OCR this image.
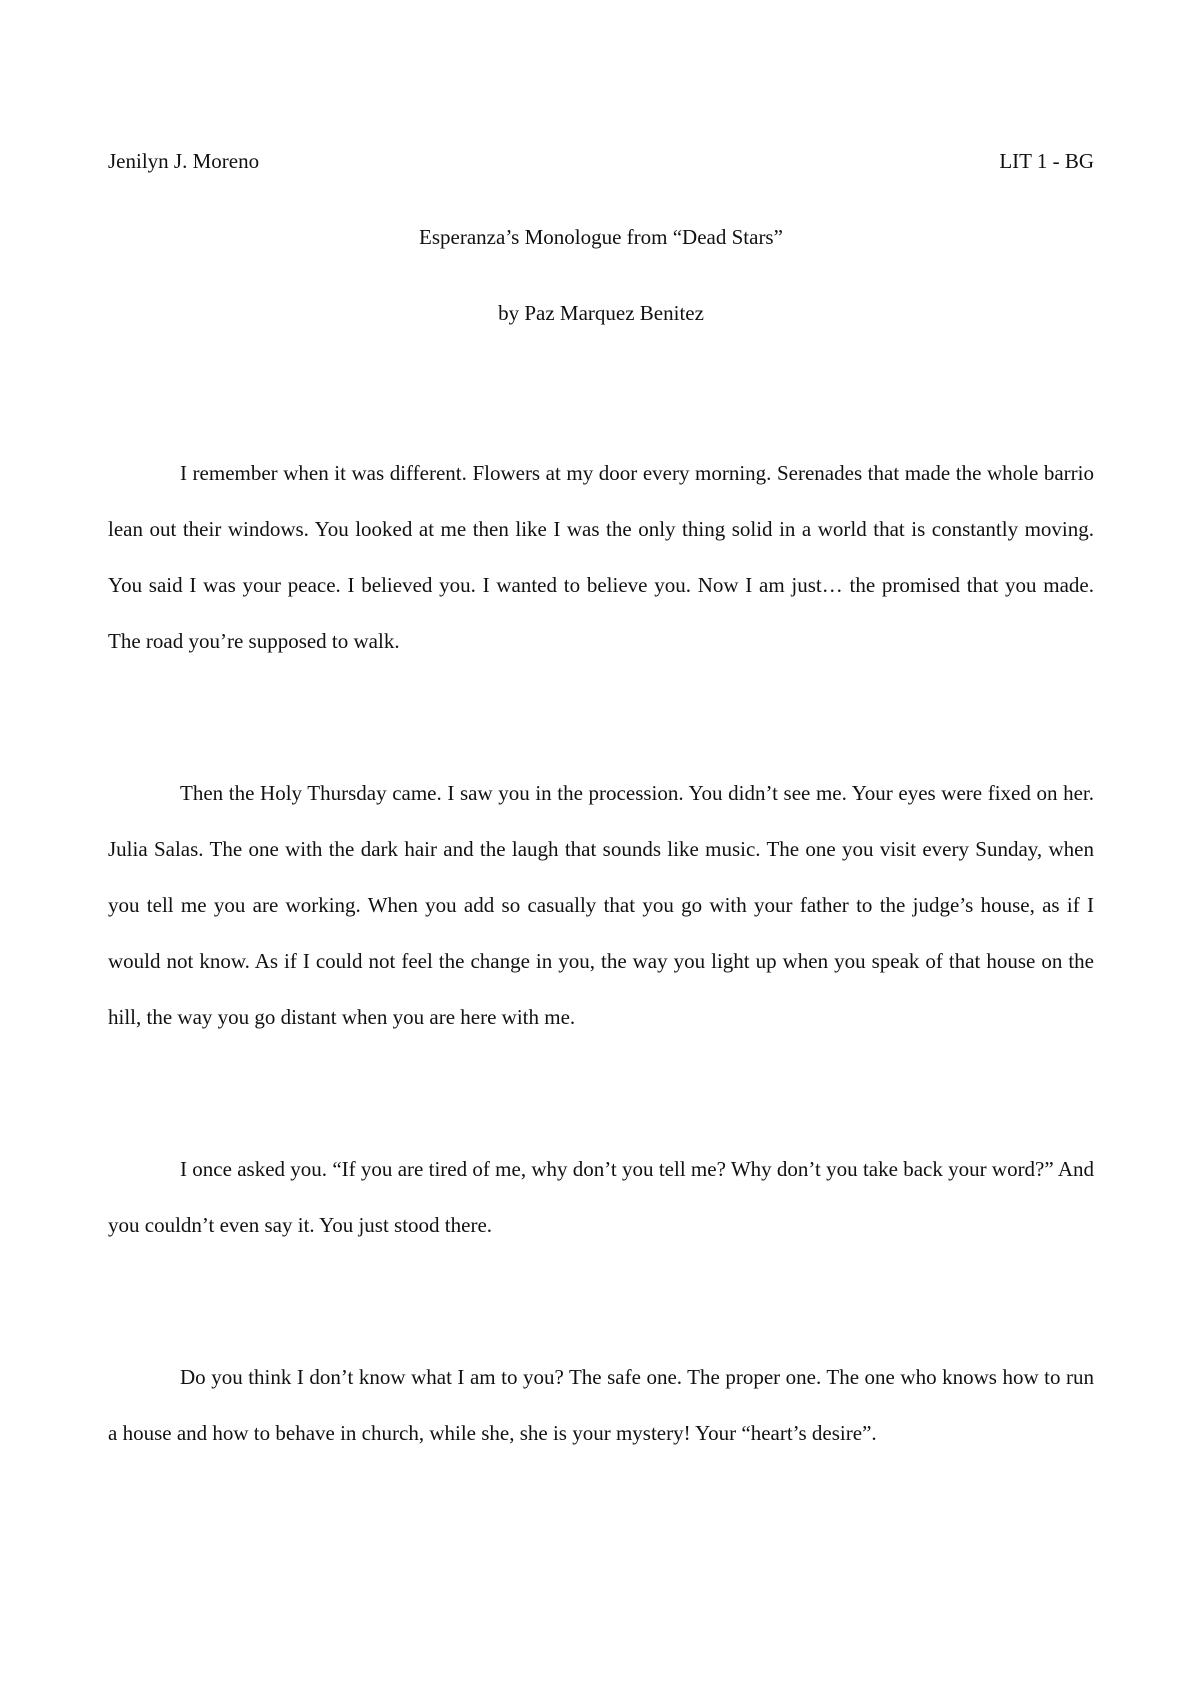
Jenilyn J. Moreno	LIT 1 - BG
Esperanza’s Monologue from “Dead Stars”
by Paz Marquez Benitez

I remember when it was different. Flowers at my door every morning. Serenades that made the whole barrio lean out their windows. You looked at me then like I was the only thing solid in a world that is constantly moving. You said I was your peace. I believed you. I wanted to believe you. Now I am just… the promised that you made. The road you’re supposed to walk.

Then the Holy Thursday came. I saw you in the procession. You didn’t see me. Your eyes were fixed on her. Julia Salas. The one with the dark hair and the laugh that sounds like music. The one you visit every Sunday, when you tell me you are working. When you add so casually that you go with your father to the judge’s house, as if I would not know. As if I could not feel the change in you, the way you light up when you speak of that house on the hill, the way you go distant when you are here with me.

I once asked you. “If you are tired of me, why don’t you tell me? Why don’t you take back your word?” And you couldn’t even say it. You just stood there.

Do you think I don’t know what I am to you? The safe one. The proper one. The one who knows how to run a house and how to behave in church, while she, she is your mystery! Your “heart’s desire”.
